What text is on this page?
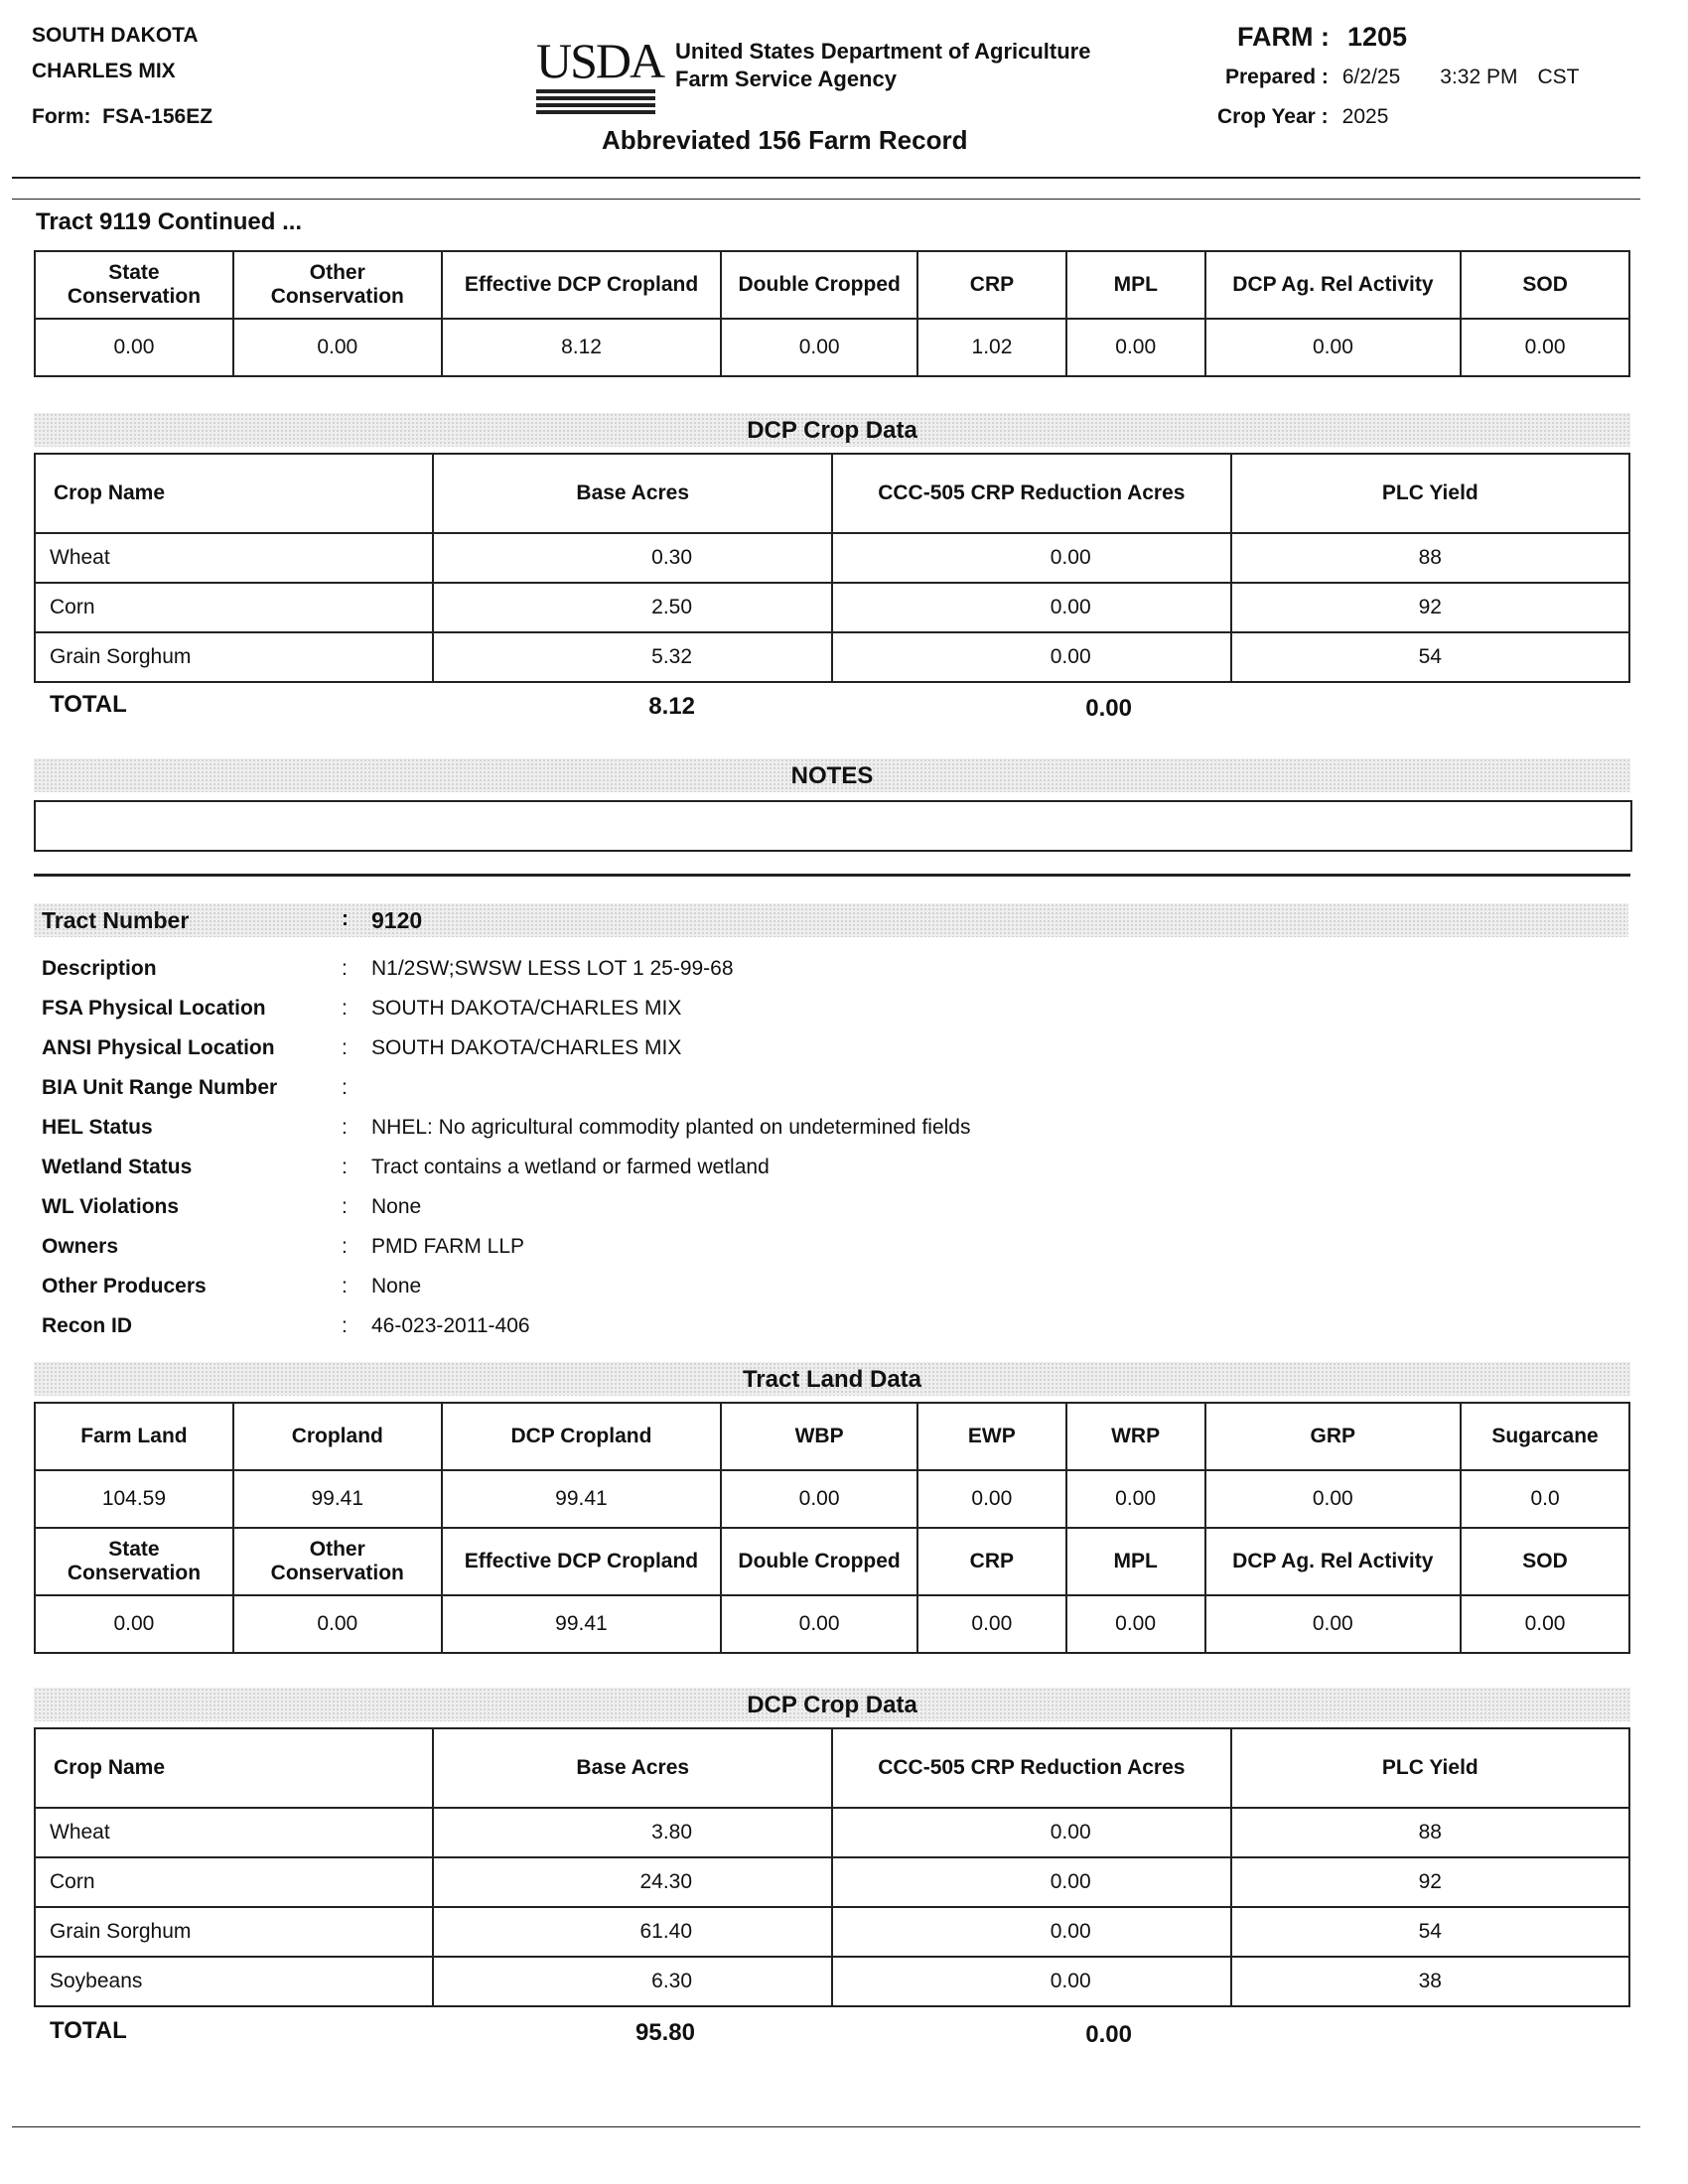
SOUTH DAKOTA
CHARLES MIX
Form: FSA-156EZ
USDA United States Department of Agriculture
Farm Service Agency
Abbreviated 156 Farm Record
FARM : 1205
Prepared : 6/2/25 3:32 PM CST
Crop Year : 2025
Tract 9119 Continued ...
State Conservation	Other Conservation	Effective DCP Cropland	Double Cropped	CRP	MPL	DCP Ag. Rel Activity	SOD
0.00	0.00	8.12	0.00	1.02	0.00	0.00	0.00
DCP Crop Data
Crop Name	Base Acres	CCC-505 CRP Reduction Acres	PLC Yield
Wheat	0.30	0.00	88
Corn	2.50	0.00	92
Grain Sorghum	5.32	0.00	54
TOTAL	8.12	0.00
NOTES
Tract Number	: 9120
Description	: N1/2SW;SWSW LESS LOT 1 25-99-68
FSA Physical Location	: SOUTH DAKOTA/CHARLES MIX
ANSI Physical Location	: SOUTH DAKOTA/CHARLES MIX
BIA Unit Range Number	:
HEL Status	: NHEL: No agricultural commodity planted on undetermined fields
Wetland Status	: Tract contains a wetland or farmed wetland
WL Violations	: None
Owners	: PMD FARM LLP
Other Producers	: None
Recon ID	: 46-023-2011-406
Tract Land Data
Farm Land	Cropland	DCP Cropland	WBP	EWP	WRP	GRP	Sugarcane
104.59	99.41	99.41	0.00	0.00	0.00	0.00	0.0
State Conservation	Other Conservation	Effective DCP Cropland	Double Cropped	CRP	MPL	DCP Ag. Rel Activity	SOD
0.00	0.00	99.41	0.00	0.00	0.00	0.00	0.00
DCP Crop Data
Crop Name	Base Acres	CCC-505 CRP Reduction Acres	PLC Yield
Wheat	3.80	0.00	88
Corn	24.30	0.00	92
Grain Sorghum	61.40	0.00	54
Soybeans	6.30	0.00	38
TOTAL	95.80	0.00
